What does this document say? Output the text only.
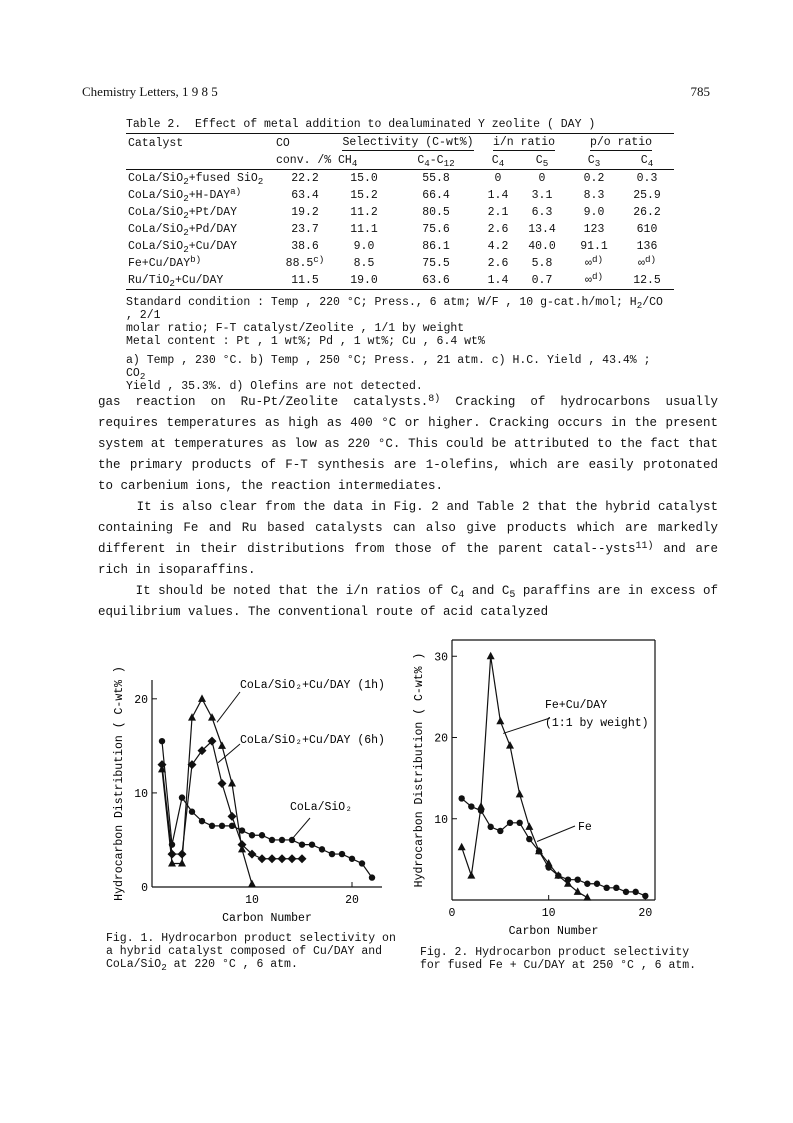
Chemistry Letters, 1 9 8 5	785
Table 2.  Effect of metal addition to dealuminated Y zeolite ( DAY )
Catalyst	CO	Selectivity (C-wt%)		i/n ratio		p/o ratio	
	conv. /%	$CH_4$	$C_4-C_{12}$	$C_4$	$C_5$	$C_3$	$C_4$
CoLa/SiO$_2$+fused SiO$_2$	22.2	15.0	55.8	0	0	0.2	0.3
CoLa/$SiO_2+H-DAY^{a)}$	63.4	15.2	66.4	1.4	3.1	8.3	25.9
CoLa/SiO$_2$+Pt/DAY	19.2	11.2	80.5	2.1	6.3	9.0	26.2
CoLa/SiO$_2$+Pd/DAY	23.7	11.1	75.6	2.6	13.4	123	610
CoLa/SiO$_2$+Cu/DAY	38.6	9.0	86.1	4.2	40.0	91.1	136
$Fe+Cu/DAY^{b)}$	88.5$^{c)}$	8.5	75.5	2.6	5.8	∞$^{d)}$	∞$^{d)}$
Ru/TiO$_2$+Cu/DAY	11.5	19.0	63.6	1.4	0.7	∞$^{d)}$	12.5

Standard condition : Temp , 220 °C; Press., 6 atm; W/F , 10 g-cat.h/mol; $H_2/CO$ , 2/1

molar ratio; F-T catalyst/Zeolite , 1/1 by weight

Metal content : Pt , 1 wt%; Pd , 1 wt%; Cu , 6.4 wt%

a) Temp , 230 °C. b) Temp , 250 °C; Press. , 21 atm. c) H.C. Yield , 43.4% ; $CO_2$

Yield , 35.3%. d) Olefins are not detected.

gas reaction on Ru-Pt/Zeolite catalysts.$^{8)}$ Cracking of hydrocarbons usually requires temperatures as high as 400 °C or higher. Cracking occurs in the present system at temperatures as low as 220 °C. This could be attributed to the fact that the primary products of F-T synthesis are 1-olefins, which are easily protonated to carbenium ions, the reaction intermediates.

It is also clear from the data in Fig. 2 and Table 2 that the hybrid catalyst containing Fe and Ru based catalysts can also give products which are markedly different in their distributions from those of the parent catal--ysts$^{11)}$ and are rich in isoparaffins.

It should be noted that the i/n ratios of $C_4$ and $C_5$ paraffins are in excess of equilibrium values. The conventional route of acid catalyzed

0
10
20
10	20
Carbon Number
Hydrocarbon Distribution ( C-wt% )	CoLa/SiO₂+Cu/DAY (1h)
CoLa/SiO₂+Cu/DAY (6h)
CoLa/SiO₂
Fig. 1. Hydrocarbon product selectivity on
a hybrid catalyst composed of Cu/DAY and
CoLa/SiO$_2$ at 220 °C , 6 atm.
10
20
30
0	10	20
Carbon Number
Hydrocarbon Distribution ( C-wt% )	Fe+Cu/DAY
(1:1 by weight)
Fe
Fig. 2. Hydrocarbon product selectivity
for fused Fe + Cu/DAY at 250 °C , 6 atm.
